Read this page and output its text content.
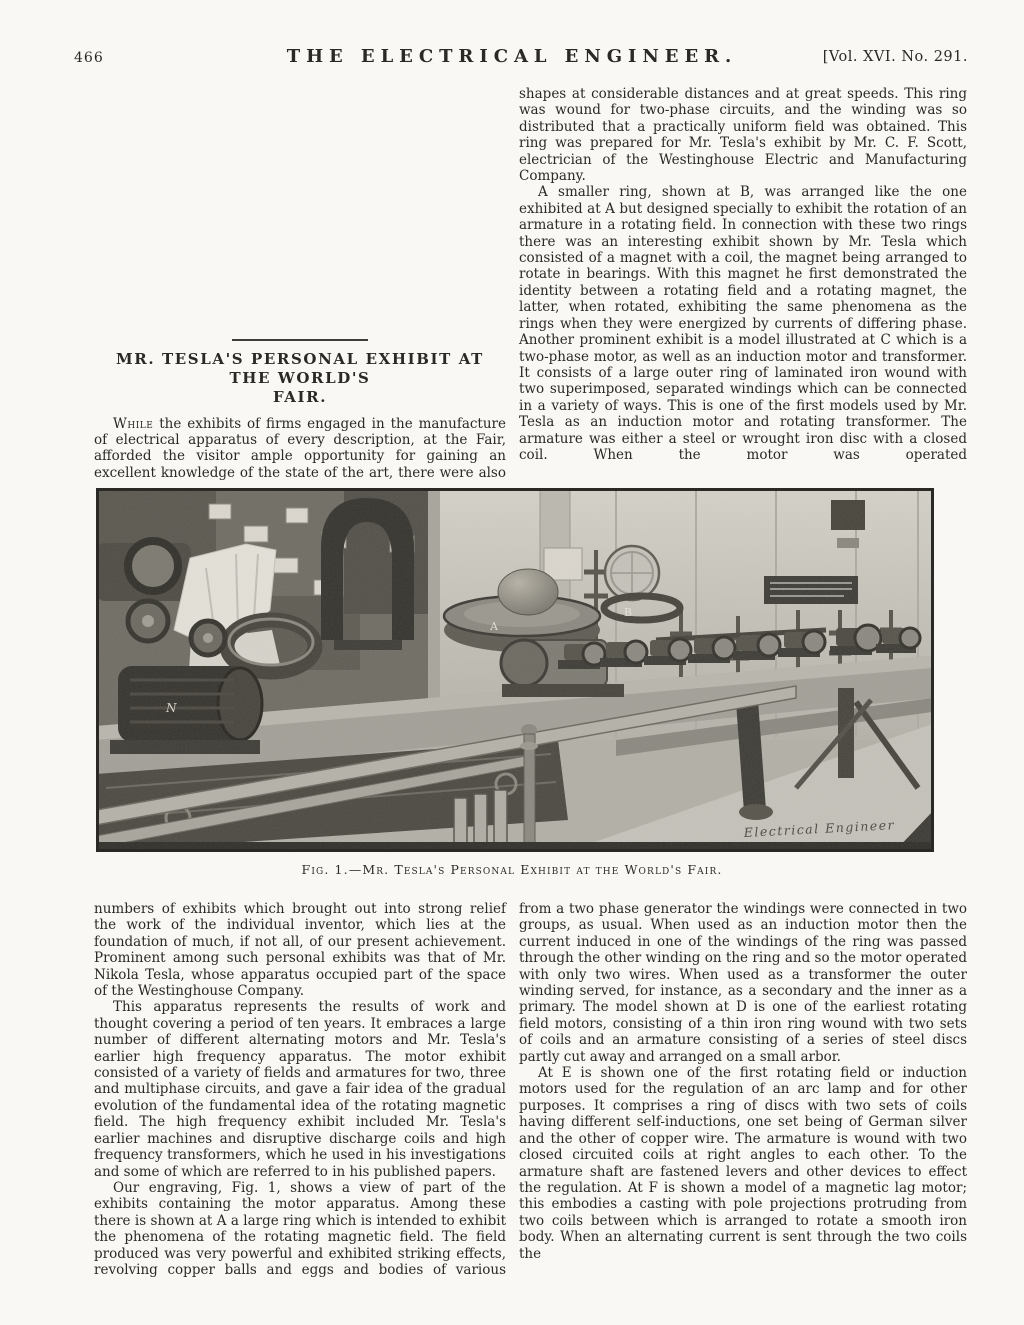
466	THE ELECTRICAL ENGINEER.	[Vol. XVI. No. 291.

shapes at considerable distances and at great speeds. This ring was wound for two-phase circuits, and the winding was so distributed that a practically uniform field was obtained. This ring was prepared for Mr. Tesla's exhibit by Mr. C. F. Scott, electrician of the Westinghouse Electric and Manufacturing Company.

A smaller ring, shown at B, was arranged like the one exhibited at A but designed specially to exhibit the rotation of an armature in a rotating field. In connection with these two rings there was an interesting exhibit shown by Mr. Tesla which consisted of a magnet with a coil, the magnet being arranged to rotate in bearings. With this magnet he first demonstrated the identity between a rotating field and a rotating magnet, the latter, when rotated, exhibiting the same phenomena as the rings when they were energized by currents of differing phase. Another prominent exhibit is a model illustrated at C which is a two-phase motor, as well as an induction motor and transformer. It consists of a large outer ring of laminated iron wound with two superimposed, separated windings which can be connected in a variety of ways. This is one of the first models used by Mr. Tesla as an induction motor and rotating transformer. The armature was either a steel or wrought iron disc with a closed coil. When the motor was operated

MR. TESLA'S PERSONAL EXHIBIT AT THE WORLD'S
FAIR.

While the exhibits of firms engaged in the manufacture of electrical apparatus of every description, at the Fair, afforded the visitor ample opportunity for gaining an excellent knowledge of the state of the art, there were also

Fig. 1.—Mr. Tesla's Personal Exhibit at the World's Fair.

numbers of exhibits which brought out into strong relief the work of the individual inventor, which lies at the foundation of much, if not all, of our present achievement. Prominent among such personal exhibits was that of Mr. Nikola Tesla, whose apparatus occupied part of the space of the Westinghouse Company.

This apparatus represents the results of work and thought covering a period of ten years. It embraces a large number of different alternating motors and Mr. Tesla's earlier high frequency apparatus. The motor exhibit consisted of a variety of fields and armatures for two, three and multiphase circuits, and gave a fair idea of the gradual evolution of the fundamental idea of the rotating magnetic field. The high frequency exhibit included Mr. Tesla's earlier machines and disruptive discharge coils and high frequency transformers, which he used in his investigations and some of which are referred to in his published papers.

Our engraving, Fig. 1, shows a view of part of the exhibits containing the motor apparatus. Among these there is shown at A a large ring which is intended to exhibit the phenomena of the rotating magnetic field. The field produced was very powerful and exhibited striking effects, revolving copper balls and eggs and bodies of various

from a two phase generator the windings were connected in two groups, as usual. When used as an induction motor then the current induced in one of the windings of the ring was passed through the other winding on the ring and so the motor operated with only two wires. When used as a transformer the outer winding served, for instance, as a secondary and the inner as a primary. The model shown at D is one of the earliest rotating field motors, consisting of a thin iron ring wound with two sets of coils and an armature consisting of a series of steel discs partly cut away and arranged on a small arbor.

At E is shown one of the first rotating field or induction motors used for the regulation of an arc lamp and for other purposes. It comprises a ring of discs with two sets of coils having different self-inductions, one set being of German silver and the other of copper wire. The armature is wound with two closed circuited coils at right angles to each other. To the armature shaft are fastened levers and other devices to effect the regulation. At F is shown a model of a magnetic lag motor; this embodies a casting with pole projections protruding from two coils between which is arranged to rotate a smooth iron body. When an alternating current is sent through the two coils the
